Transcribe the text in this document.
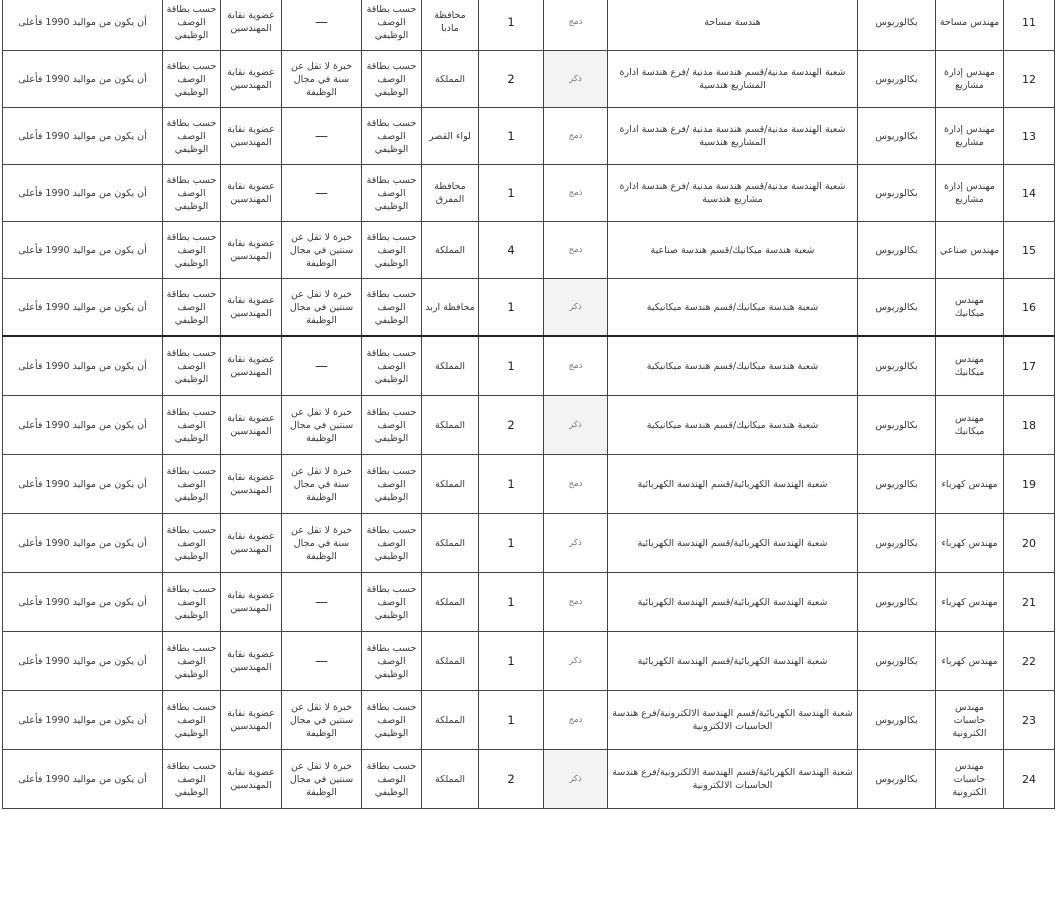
11	مهندس مساحة	بكالوريوس	هندسة مساحة	دمج	1	محافظة مادبا	حسب بطاقة الوصف الوظيفي	—	عضوية نقابة المهندسين	حسب بطاقة الوصف الوظيفي	أن يكون من مواليد 1990 فأعلى
12	مهندس إدارة مشاريع	بكالوريوس	شعبة الهندسة مدنية/قسم هندسة مدنية /فرع هندسة ادارة المشاريع هندسية	ذكر	2	المملكة	حسب بطاقة الوصف الوظيفي	خبرة لا تقل عن سنة في مجال الوظيفة	عضوية نقابة المهندسين	حسب بطاقة الوصف الوظيفي	أن يكون من مواليد 1990 فأعلى
13	مهندس إدارة مشاريع	بكالوريوس	شعبة الهندسة مدنية/قسم هندسة مدنية /فرع هندسة ادارة المشاريع هندسية	دمج	1	لواء القصر	حسب بطاقة الوصف الوظيفي	—	عضوية نقابة المهندسين	حسب بطاقة الوصف الوظيفي	أن يكون من مواليد 1990 فأعلى
14	مهندس إدارة مشاريع	بكالوريوس	شعبة الهندسة مدنية/قسم هندسة مدنية /فرع هندسة ادارة مشاريع هندسية	دمج	1	محافظة المفرق	حسب بطاقة الوصف الوظيفي	—	عضوية نقابة المهندسين	حسب بطاقة الوصف الوظيفي	أن يكون من مواليد 1990 فأعلى
15	مهندس صناعي	بكالوريوس	شعبة هندسة ميكانيك/قسم هندسة صناعية	دمج	4	المملكة	حسب بطاقة الوصف الوظيفي	خبرة لا تقل عن سنتين في مجال الوظيفة	عضوية نقابة المهندسين	حسب بطاقة الوصف الوظيفي	أن يكون من مواليد 1990 فأعلى
16	مهندس ميكانيك	بكالوريوس	شعبة هندسة ميكانيك/قسم هندسة ميكانيكية	ذكر	1	محافظة اربد	حسب بطاقة الوصف الوظيفي	خبرة لا تقل عن سنتين في مجال الوظيفة	عضوية نقابة المهندسين	حسب بطاقة الوصف الوظيفي	أن يكون من مواليد 1990 فأعلى
17	مهندس ميكانيك	بكالوريوس	شعبة هندسة ميكانيك/قسم هندسة ميكانيكية	دمج	1	المملكة	حسب بطاقة الوصف الوظيفي	—	عضوية نقابة المهندسين	حسب بطاقة الوصف الوظيفي	أن يكون من مواليد 1990 فأعلى
18	مهندس ميكانيك	بكالوريوس	شعبة هندسة ميكانيك/قسم هندسة ميكانيكية	ذكر	2	المملكة	حسب بطاقة الوصف الوظيفي	خبرة لا تقل عن سنتين في مجال الوظيفة	عضوية نقابة المهندسين	حسب بطاقة الوصف الوظيفي	أن يكون من مواليد 1990 فأعلى
19	مهندس كهرباء	بكالوريوس	شعبة الهندسة الكهربائية/قسم الهندسة الكهربائية	دمج	1	المملكة	حسب بطاقة الوصف الوظيفي	خبرة لا تقل عن سنة في مجال الوظيفة	عضوية نقابة المهندسين	حسب بطاقة الوصف الوظيفي	أن يكون من مواليد 1990 فأعلى
20	مهندس كهرباء	بكالوريوس	شعبة الهندسة الكهربائية/قسم الهندسة الكهربائية	ذكر	1	المملكة	حسب بطاقة الوصف الوظيفي	خبرة لا تقل عن سنة في مجال الوظيفة	عضوية نقابة المهندسين	حسب بطاقة الوصف الوظيفي	أن يكون من مواليد 1990 فأعلى
21	مهندس كهرباء	بكالوريوس	شعبة الهندسة الكهربائية/قسم الهندسة الكهربائية	دمج	1	المملكة	حسب بطاقة الوصف الوظيفي	—	عضوية نقابة المهندسين	حسب بطاقة الوصف الوظيفي	أن يكون من مواليد 1990 فأعلى
22	مهندس كهرباء	بكالوريوس	شعبة الهندسة الكهربائية/قسم الهندسة الكهربائية	ذكر	1	المملكة	حسب بطاقة الوصف الوظيفي	—	عضوية نقابة المهندسين	حسب بطاقة الوصف الوظيفي	أن يكون من مواليد 1990 فأعلى
23	مهندس حاسبات الكترونية	بكالوريوس	شعبة الهندسة الكهربائية/قسم الهندسة الالكترونية/فرع هندسة الحاسبات الالكترونية	دمج	1	المملكة	حسب بطاقة الوصف الوظيفي	خبرة لا تقل عن سنتين في مجال الوظيفة	عضوية نقابة المهندسين	حسب بطاقة الوصف الوظيفي	أن يكون من مواليد 1990 فأعلى
24	مهندس حاسبات الكترونية	بكالوريوس	شعبة الهندسة الكهربائية/قسم الهندسة الالكترونية/فرع هندسة الحاسبات الالكترونية	ذكر	2	المملكة	حسب بطاقة الوصف الوظيفي	خبرة لا تقل عن سنتين في مجال الوظيفة	عضوية نقابة المهندسين	حسب بطاقة الوصف الوظيفي	أن يكون من مواليد 1990 فأعلى
